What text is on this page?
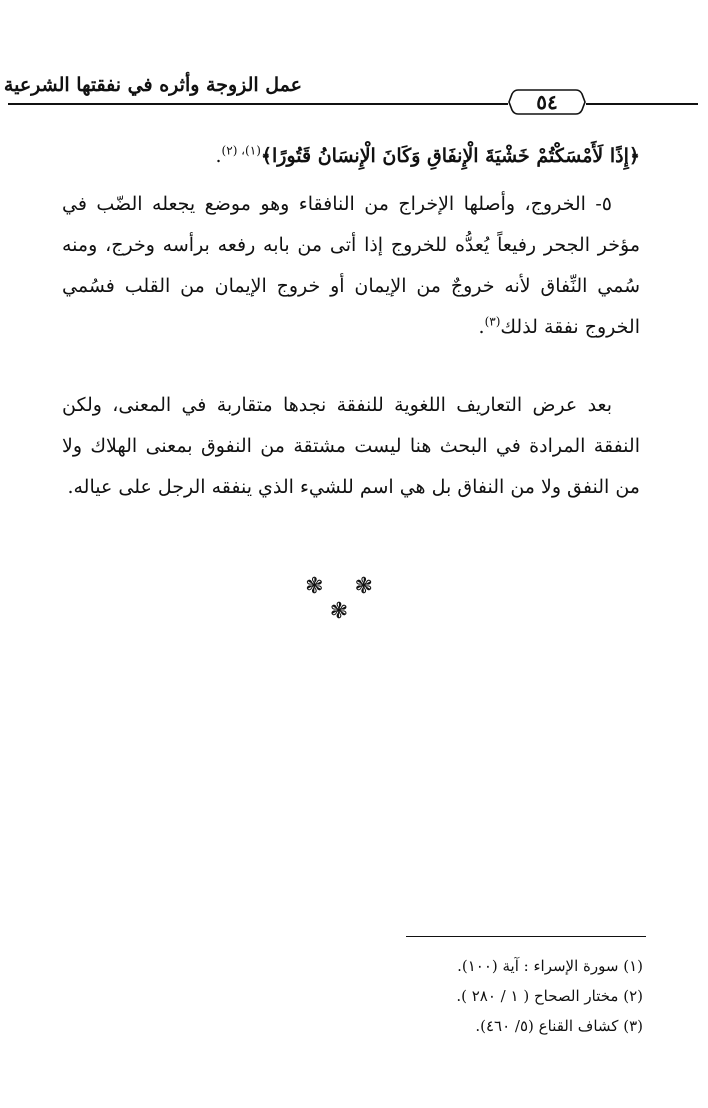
عمل الزوجة وأثره في نفقتها الشرعية
٥٤

﴿إِذًا لَأَمْسَكْتُمْ خَشْيَةَ الْإِنفَاقِ وَكَانَ الْإِنسَانُ قَتُورًا﴾$^{(١)، (٢)}$.

٥- الخروج، وأصلها الإخراج من النافقاء وهو موضع يجعله الضّب في مؤخر الجحر رفيعاً يُعدُّه للخروج إذا أتى من بابه رفعه برأسه وخرج، ومنه سُمي النِّفاق لأنه خروجٌ من الإيمان أو خروج الإيمان من القلب فسُمي الخروج نفقة لذلك$^{(٣)}$.

بعد عرض التعاريف اللغوية للنفقة نجدها متقاربة في المعنى، ولكن النفقة المرادة في البحث هنا ليست مشتقة من النفوق بمعنى الهلاك ولا من النفق ولا من النفاق بل هي اسم للشيء الذي ينفقه الرجل على عياله.

❃ ❃ ❃
(١) سورة الإسراء : آية (١٠٠).
(٢) مختار الصحاح ( ١ / ٢٨٠ ).
(٣) كشاف القناع (٥/ ٤٦٠).
